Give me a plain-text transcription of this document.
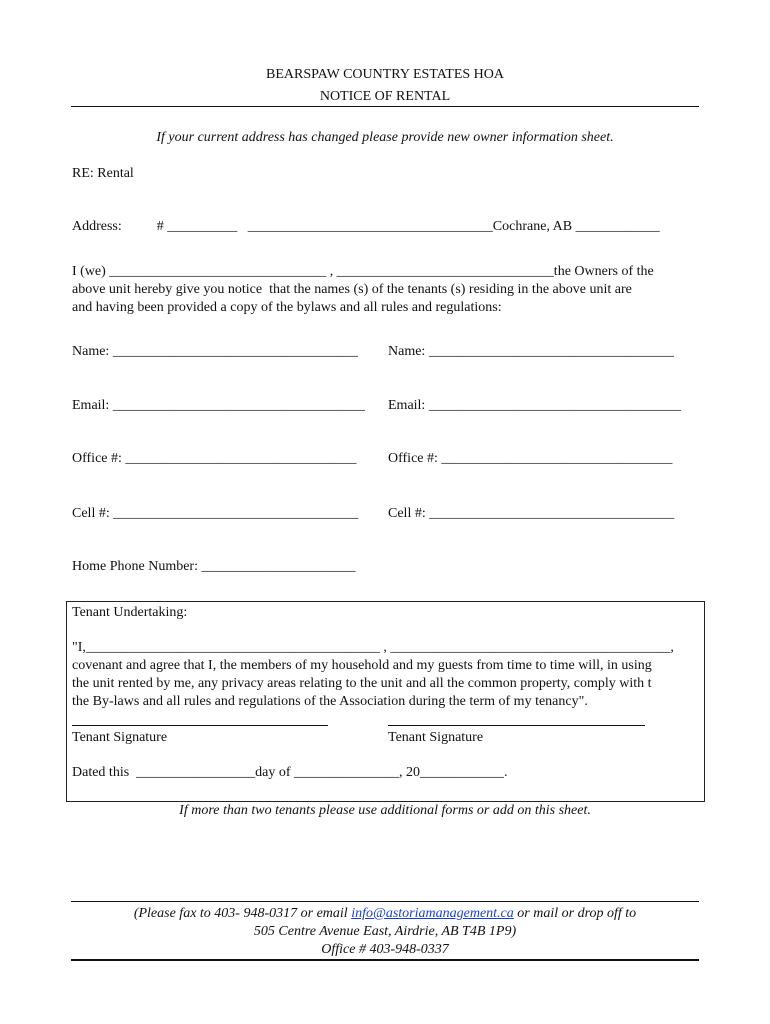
BEARSPAW COUNTRY ESTATES HOA
NOTICE OF RENTAL
If your current address has changed please provide new owner information sheet.
RE: Rental
Address:          # __________   ___________________________________Cochrane, AB ____________
I (we) _______________________________ , _______________________________the Owners of the
above unit hereby give you notice  that the names (s) of the tenants (s) residing in the above unit are
and having been provided a copy of the bylaws and all rules and regulations:
Name: ___________________________________ Name: ___________________________________
Email: ____________________________________ Email: ____________________________________
Office #: _________________________________ Office #: _________________________________
Cell #: ___________________________________ Cell #: ___________________________________
Home Phone Number: ______________________
Tenant Undertaking:
"I,__________________________________________ , ________________________________________,
covenant and agree that I, the members of my household and my guests from time to time will, in using
the unit rented by me, any privacy areas relating to the unit and all the common property, comply with t
the By-laws and all rules and regulations of the Association during the term of my tenancy".
Tenant Signature	Tenant Signature
Dated this  _________________day of _______________, 20____________.
If more than two tenants please use additional forms or add on this sheet.
(Please fax to 403- 948-0317 or email info@astoriamanagement.ca or mail or drop off to
505 Centre Avenue East, Airdrie, AB T4B 1P9)
Office # 403-948-0337
